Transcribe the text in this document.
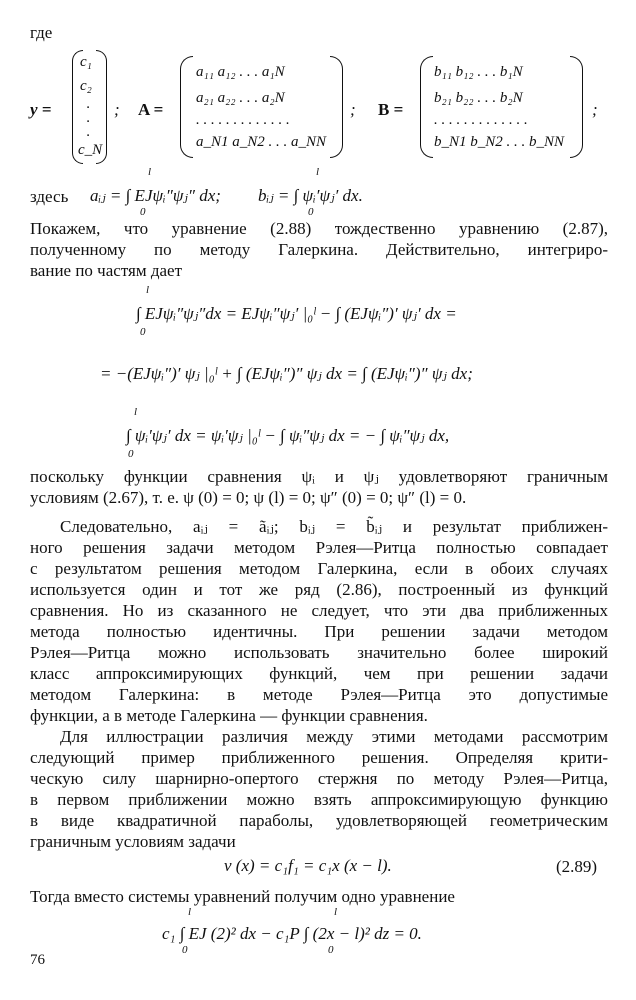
где
y =
c₁
c₂
·
·
·
c_N
; A =
a₁₁ a₁₂ . . . a₁N
a₂₁ a₂₂ . . . a₂N
. . . . . . . . . . . . .
a_N1 a_N2 . . . a_NN
; B =
b₁₁ b₁₂ . . . b₁N
b₂₁ b₂₂ . . . b₂N
. . . . . . . . . . . . .
b_N1 b_N2 . . . b_NN
;
здесь
l
0
aᵢⱼ = ∫ EJψᵢ″ψⱼ″ dx;
l
0
bᵢⱼ = ∫ ψᵢ′ψⱼ′ dx.
Покажем, что уравнение (2.88) тождественно уравнению (2.87),
полученному по методу Галеркина. Действительно, интегриро-
вание по частям дает
l
0
∫ EJψᵢ″ψⱼ″dx = EJψᵢ″ψⱼ′ |₀ˡ − ∫ (EJψᵢ″)′ ψⱼ′ dx =
= −(EJψᵢ″)′ ψⱼ |₀ˡ + ∫ (EJψᵢ″)″ ψⱼ dx = ∫ (EJψᵢ″)″ ψⱼ dx;
l
0
∫ ψᵢ′ψⱼ′ dx = ψᵢ′ψⱼ |₀ˡ − ∫ ψᵢ″ψⱼ dx = − ∫ ψᵢ″ψⱼ dx,
поскольку функции сравнения ψᵢ и ψⱼ удовлетворяют граничным
условиям (2.67), т. е. ψ (0) = 0; ψ (l) = 0; ψ″ (0) = 0; ψ″ (l) = 0.
Следовательно, aᵢⱼ = ãᵢⱼ; bᵢⱼ = b̃ᵢⱼ и результат приближен-
ного решения задачи методом Рэлея—Ритца полностью совпадает
с результатом решения методом Галеркина, если в обоих случаях
используется один и тот же ряд (2.86), построенный из функций
сравнения. Но из сказанного не следует, что эти два приближенных
метода полностью идентичны. При решении задачи методом
Рэлея—Ритца можно использовать значительно более широкий
класс аппроксимирующих функций, чем при решении задачи
методом Галеркина: в методе Рэлея—Ритца это допустимые
функции, а в методе Галеркина — функции сравнения.
Для иллюстрации различия между этими методами рассмотрим
следующий пример приближенного решения. Определяя крити-
ческую силу шарнирно-опертого стержня по методу Рэлея—Ритца,
в первом приближении можно взять аппроксимирующую функцию
в виде квадратичной параболы, удовлетворяющей геометрическим
граничным условиям задачи
v (x) = c₁f₁ = c₁x (x − l).	(2.89)
Тогда вместо системы уравнений получим одно уравнение
l
0
l
0
c₁ ∫ EJ (2)² dx − c₁P ∫ (2x − l)² dz = 0.
76
